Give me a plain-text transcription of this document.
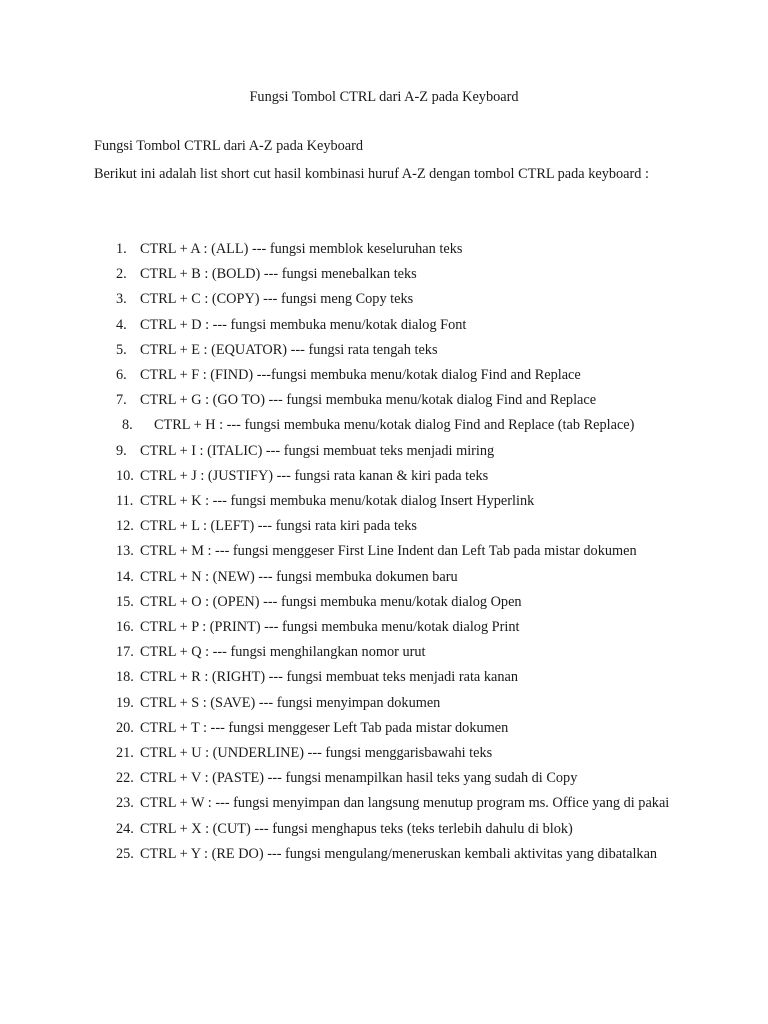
Fungsi Tombol CTRL dari A-Z pada Keyboard

Fungsi Tombol CTRL dari A-Z pada Keyboard

Berikut ini adalah list short cut hasil kombinasi huruf A-Z dengan tombol CTRL pada keyboard :

1. CTRL + A : (ALL) --- fungsi memblok keseluruhan teks
2. CTRL + B : (BOLD) --- fungsi menebalkan teks
3. CTRL + C : (COPY) --- fungsi meng Copy teks
4. CTRL + D : --- fungsi membuka menu/kotak dialog Font
5. CTRL + E : (EQUATOR) --- fungsi rata tengah teks
6. CTRL + F : (FIND) ---fungsi membuka menu/kotak dialog Find and Replace
7. CTRL + G : (GO TO) --- fungsi membuka menu/kotak dialog Find and Replace
8.	CTRL + H : --- fungsi membuka menu/kotak dialog Find and Replace (tab Replace)
9. CTRL + I : (ITALIC) --- fungsi membuat teks menjadi miring
10. CTRL + J : (JUSTIFY) --- fungsi rata kanan & kiri pada teks
11. CTRL + K : --- fungsi membuka menu/kotak dialog Insert Hyperlink
12. CTRL + L : (LEFT) --- fungsi rata kiri pada teks
13. CTRL + M : --- fungsi menggeser First Line Indent dan Left Tab pada mistar dokumen
14. CTRL + N : (NEW) --- fungsi membuka dokumen baru
15. CTRL + O : (OPEN) --- fungsi membuka menu/kotak dialog Open
16. CTRL + P : (PRINT) --- fungsi membuka menu/kotak dialog Print
17. CTRL + Q : --- fungsi menghilangkan nomor urut
18. CTRL + R : (RIGHT) --- fungsi membuat teks menjadi rata kanan
19. CTRL + S : (SAVE) --- fungsi menyimpan dokumen
20. CTRL + T : --- fungsi menggeser Left Tab pada mistar dokumen
21. CTRL + U : (UNDERLINE) --- fungsi menggarisbawahi teks
22. CTRL + V : (PASTE) --- fungsi menampilkan hasil teks yang sudah di Copy
23. CTRL + W : --- fungsi menyimpan dan langsung menutup program ms. Office yang di pakai
24. CTRL + X : (CUT) --- fungsi menghapus teks (teks terlebih dahulu di blok)
25. CTRL + Y : (RE DO) --- fungsi mengulang/meneruskan kembali aktivitas yang dibatalkan
